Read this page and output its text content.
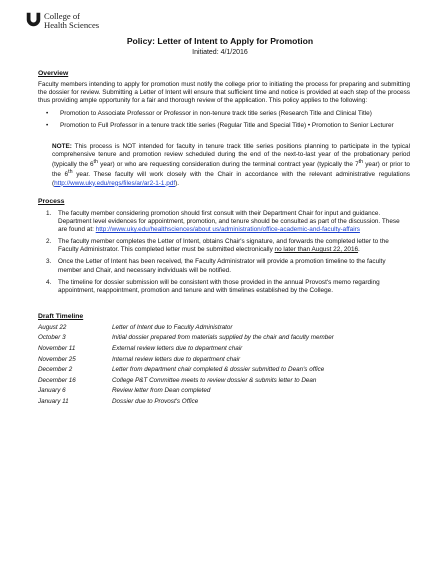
College of
Health Sciences

Policy: Letter of Intent to Apply for Promotion

Initiated: 4/1/2016

Overview

Faculty members intending to apply for promotion must notify the college prior to initiating the process for preparing and submitting the dossier for review. Submitting a Letter of Intent will ensure that sufficient time and notice is provided at each step of the process thus providing ample opportunity for a fair and thorough review of the application. This policy applies to the following:

• Promotion to Associate Professor or Professor in non-tenure track title series (Research Title and Clinical Title)
• Promotion to Full Professor in a tenure track title series (Regular Title and Special Title) • Promotion to Senior Lecturer

NOTE: This process is NOT intended for faculty in tenure track title series positions planning to participate in the typical comprehensive tenure and promotion review scheduled during the end of the next-to-last year of the probationary period (typically the 6th year) or who are requesting consideration during the terminal contract year (typically the 7th year) or prior to the 6th year. These faculty will work closely with the Chair in accordance with the relevant administrative regulations (http://www.uky.edu/regs/files/ar/ar2-1-1.pdf).

Process
1. The faculty member considering promotion should first consult with their Department Chair for input and guidance. Department level evidences for appointment, promotion, and tenure should be consulted as part of the discussion. These are found at: http://www.uky.edu/healthsciences/about us/administration/office-academic-and-faculty-affairs
2. The faculty member completes the Letter of Intent, obtains Chair's signature, and forwards the completed letter to the Faculty Administrator. This completed letter must be submitted electronically no later than August 22, 2016.
3. Once the Letter of Intent has been received, the Faculty Administrator will provide a promotion timeline to the faculty member and Chair, and necessary individuals will be notified.
4. The timeline for dossier submission will be consistent with those provided in the annual Provost's memo regarding appointment, reappointment, promotion and tenure and with timelines established by the College.
Draft Timeline
August 22	Letter of Intent due to Faculty Administrator
October 3	Initial dossier prepared from materials supplied by the chair and faculty member
November 11	External review letters due to department chair
November 25	Internal review letters due to department chair
December 2	Letter from department chair completed & dossier submitted to Dean's office
December 16	College P&T Committee meets to review dossier & submits letter to Dean
January 6	Review letter from Dean completed
January 11	Dossier due to Provost's Office
